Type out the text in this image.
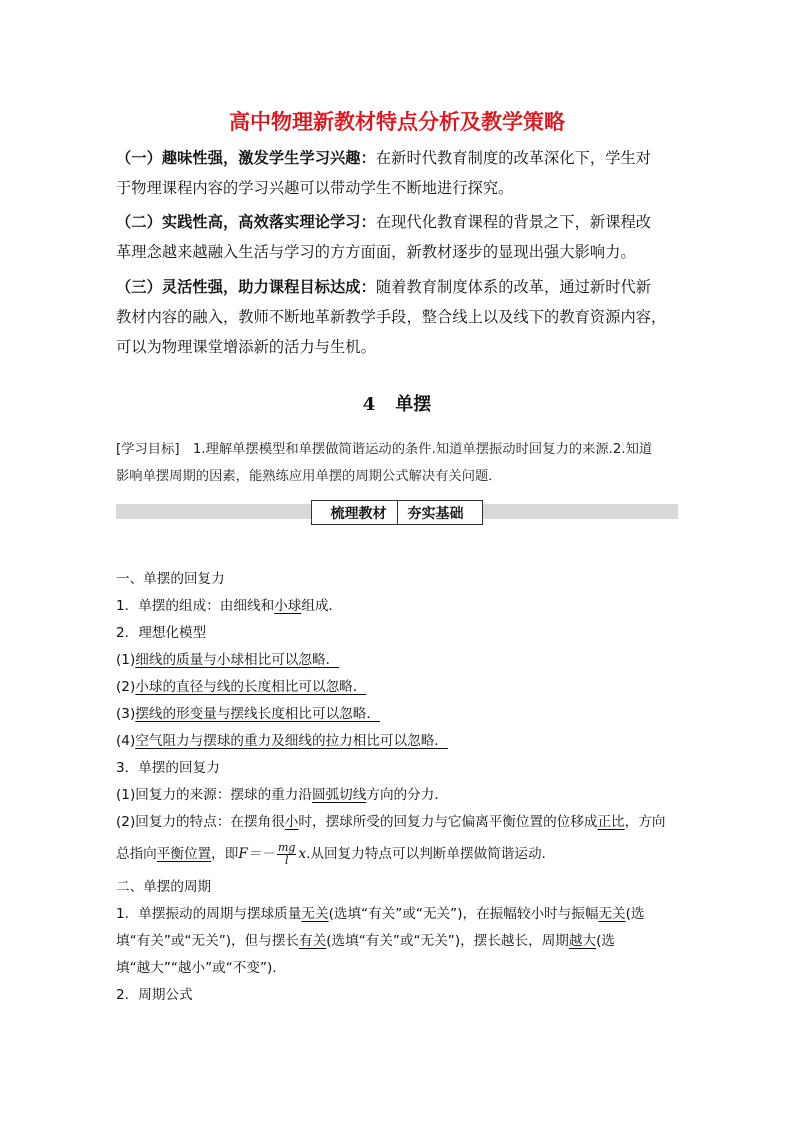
高中物理新教材特点分析及教学策略
（一）趣味性强，激发学生学习兴趣：在新时代教育制度的改革深化下，学生对
于物理课程内容的学习兴趣可以带动学生不断地进行探究。
（二）实践性高，高效落实理论学习：在现代化教育课程的背景之下，新课程改
革理念越来越融入生活与学习的方方面面，新教材逐步的显现出强大影响力。
（三）灵活性强，助力课程目标达成：随着教育制度体系的改革，通过新时代新
教材内容的融入，教师不断地革新教学手段，整合线上以及线下的教育资源内容，
可以为物理课堂增添新的活力与生机。
4 单摆
[学习目标]　1.理解单摆模型和单摆做简谐运动的条件.知道单摆振动时回复力的来源.2.知道
影响单摆周期的因素，能熟练应用单摆的周期公式解决有关问题．
梳理教材	夯实基础
一、单摆的回复力
1．单摆的组成：由细线和小球组成．
2．理想化模型
(1)细线的质量与小球相比可以忽略．
(2)小球的直径与线的长度相比可以忽略．
(3)摆线的形变量与摆线长度相比可以忽略．
(4)空气阻力与摆球的重力及细线的拉力相比可以忽略．
3．单摆的回复力
(1)回复力的来源：摆球的重力沿圆弧切线方向的分力．
(2)回复力的特点：在摆角很小时，摆球所受的回复力与它偏离平衡位置的位移成正比，方向
总指向平衡位置，即$F=- \frac{mg}{l} x$.从回复力特点可以判断单摆做简谐运动．
二、单摆的周期
1．单摆振动的周期与摆球质量无关(选填“有关”或“无关”)，在振幅较小时与振幅无关(选
填“有关”或“无关”)，但与摆长有关(选填“有关”或“无关”)，摆长越长，周期越大(选
填“越大”“越小”或“不变”)．
2．周期公式
